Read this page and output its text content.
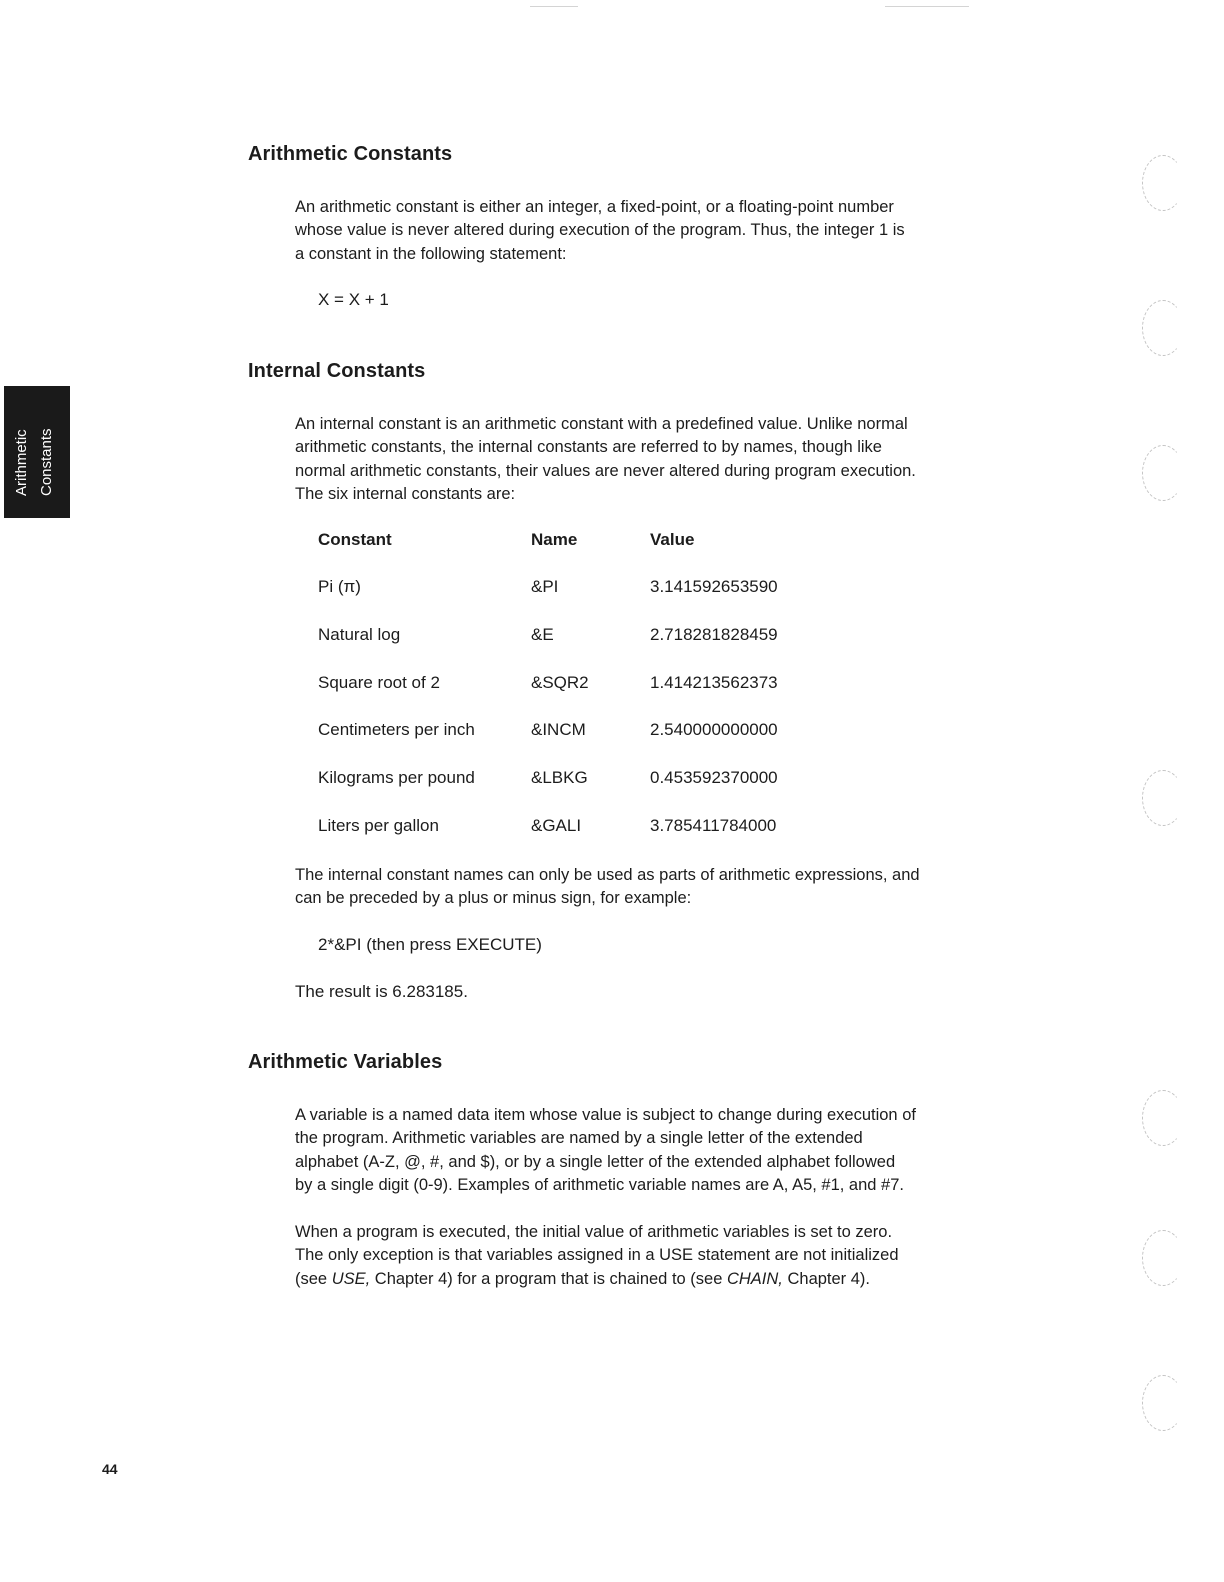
Arithmetic Constants
Arithmetic Constants
An arithmetic constant is either an integer, a fixed-point, or a floating-point number
whose value is never altered during execution of the program. Thus, the integer 1 is
a constant in the following statement:
X = X + 1
Internal Constants
An internal constant is an arithmetic constant with a predefined value. Unlike normal
arithmetic constants, the internal constants are referred to by names, though like
normal arithmetic constants, their values are never altered during program execution.
The six internal constants are:
Constant	Name	Value
Pi (π)	&PI	3.141592653590
Natural log	&E	2.718281828459
Square root of 2	&SQR2	1.414213562373
Centimeters per inch	&INCM	2.540000000000
Kilograms per pound	&LBKG	0.453592370000
Liters per gallon	&GALI	3.785411784000
The internal constant names can only be used as parts of arithmetic expressions, and
can be preceded by a plus or minus sign, for example:
2*&PI (then press EXECUTE)
The result is 6.283185.
Arithmetic Variables
A variable is a named data item whose value is subject to change during execution of
the program. Arithmetic variables are named by a single letter of the extended
alphabet (A-Z, @, #, and $), or by a single letter of the extended alphabet followed
by a single digit (0-9). Examples of arithmetic variable names are A, A5, #1, and #7.
When a program is executed, the initial value of arithmetic variables is set to zero.
The only exception is that variables assigned in a USE statement are not initialized
(see USE, Chapter 4) for a program that is chained to (see CHAIN, Chapter 4).
44
